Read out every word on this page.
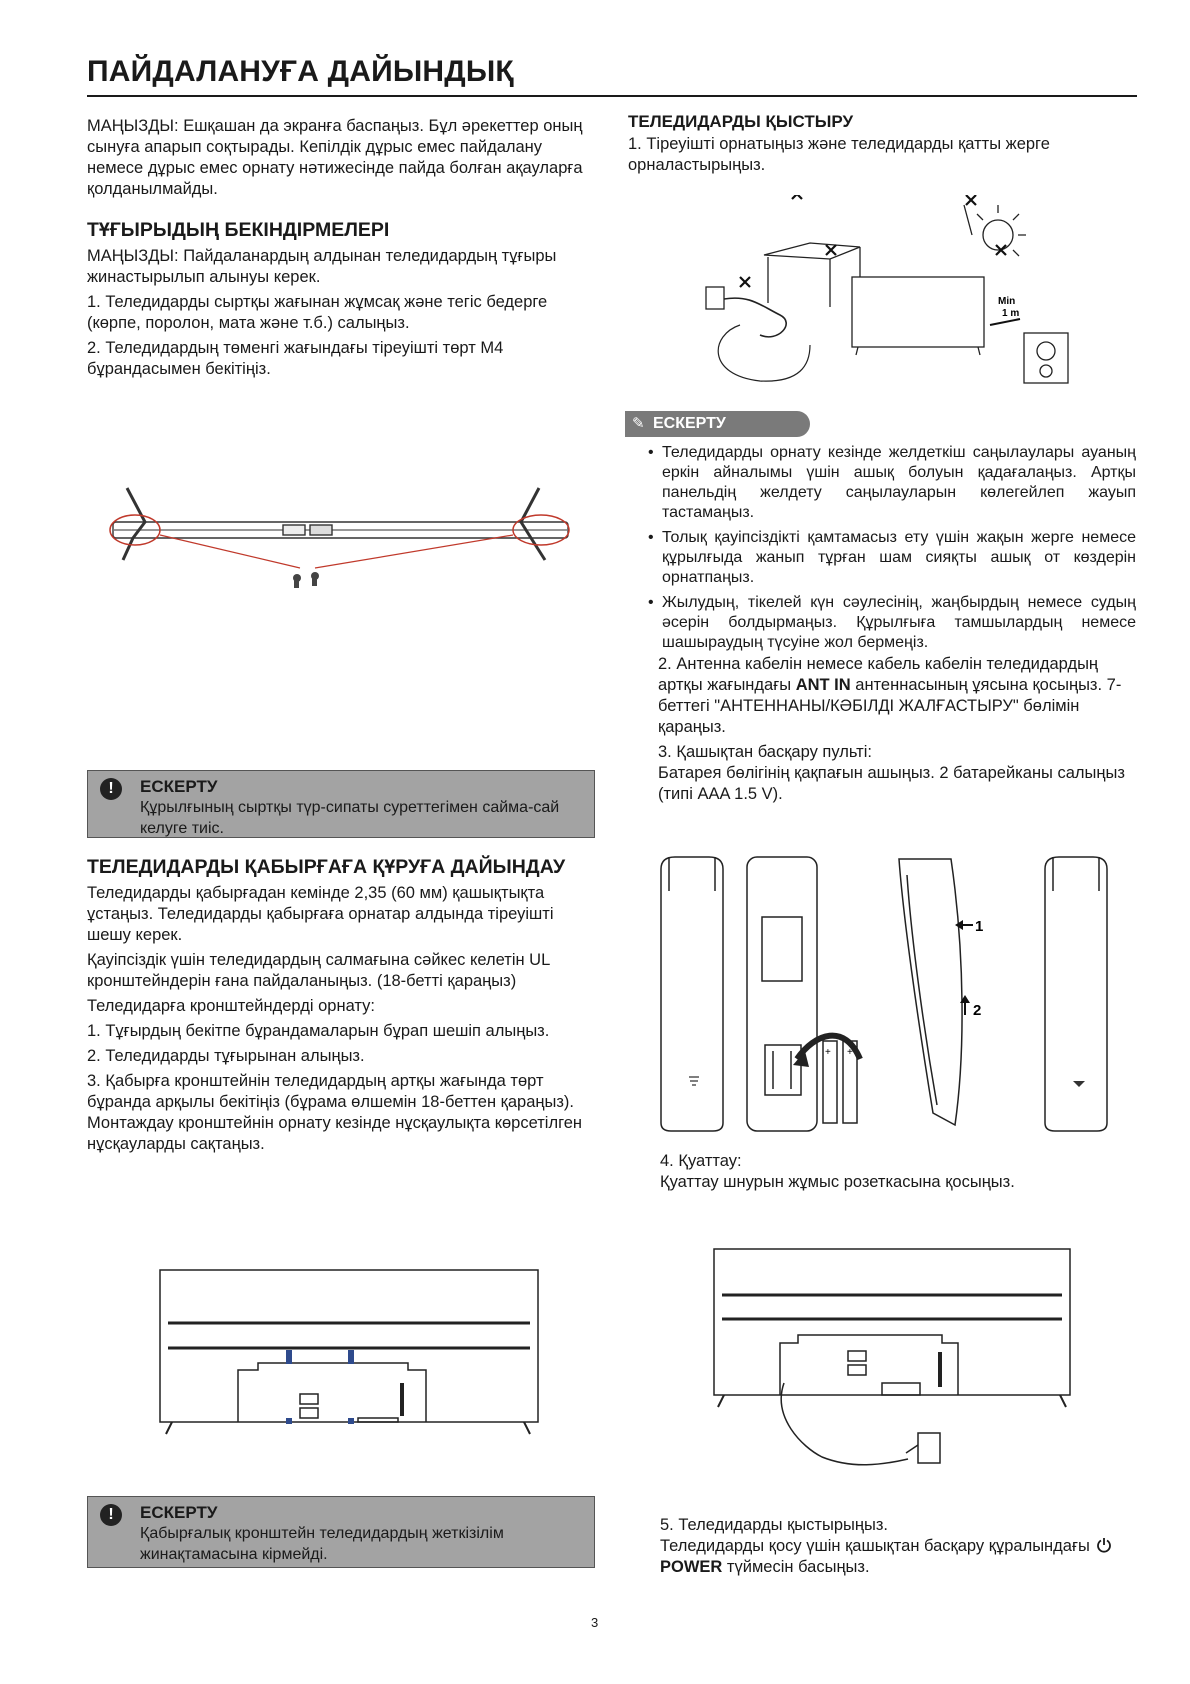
ПАЙДАЛАНУҒА ДАЙЫНДЫҚ

МАҢЫЗДЫ: Ешқашан да экранға баспаңыз. Бұл әрекеттер оның сынуға апарып соқтырады. Кепілдік дұрыс емес пайдалану немесе дұрыс емес орнату нәтижесінде пайда болған ақауларға қолданылмайды.

ТҰҒЫРЫДЫҢ БЕКІНДІРМЕЛЕРІ

МАҢЫЗДЫ: Пайдаланардың алдынан теледидардың тұғыры жинастырылып алынуы керек.

1. Теледидарды сыртқы жағынан жұмсақ және тегіс бедерге (көрпе, поролон, мата және т.б.) салыңыз.

2. Теледидардың төменгі жағындағы тіреуішті төрт M4 бұрандасымен бекітіңіз.

!	ЕСКЕРТУ
Құрылғының сыртқы түр-сипаты суреттегімен сайма-сай келуге тиіс.
ТЕЛЕДИДАРДЫ ҚАБЫРҒАҒА ҚҰРУҒА ДАЙЫНДАУ

Теледидарды қабырғадан кемінде 2,35 (60 мм) қашықтықта ұстаңыз. Теледидарды қабырғаға орнатар алдында тіреуішті шешу керек.

Қауіпсіздік үшін теледидардың салмағына сәйкес келетін UL кронштейндерін ғана пайдаланыңыз. (18-бетті қараңыз)

Теледидарға кронштейндерді орнату:

1. Тұғырдың бекітпе бұрандамаларын бұрап шешіп алыңыз.

2. Теледидарды тұғырынан алыңыз.

3. Қабырға кронштейнін теледидардың артқы жағында төрт бұранда арқылы бекітіңіз (бұрама өлшемін 18-беттен қараңыз). Монтаждау кронштейнін орнату кезінде нұсқаулықта көрсетілген нұсқауларды сақтаңыз.

!	ЕСКЕРТУ
Қабырғалық кронштейн теледидардың жеткізілім жинақтамасына кірмейді.
ТЕЛЕДИДАРДЫ ҚЫСТЫРУ

1. Тіреуішті орнатыңыз және теледидарды қатты жерге орналастырыңыз.

Min
1 m
✎ ЕСКЕРТУ
• Теледидарды орнату кезінде желдеткіш саңылаулары ауаның еркін айналымы үшін ашық болуын қадағалаңыз. Артқы панельдің желдету саңылауларын көлегейлеп жауып тастамаңыз.
• Толық қауіпсіздікті қамтамасыз ету үшін жақын жерге немесе құрылғыда жанып тұрған шам сияқты ашық от көздерін орнатпаңыз.
• Жылудың, тікелей күн сәулесінің, жаңбырдың немесе судың әсерін болдырмаңыз. Құрылғыға тамшылардың немесе шашыраудың түсуіне жол бермеңіз.

2. Антенна кабелін немесе кабель кабелін теледидардың артқы жағындағы ANT IN антеннасының ұясына қосыңыз. 7-беттегі "АНТЕННАНЫ/КӘБІЛДІ ЖАЛҒАСТЫРУ" бөлімін қараңыз.

3. Қашықтан басқару пульті:

Батарея бөлігінің қақпағын ашыңыз. 2 батарейканы салыңыз (типі AAA 1.5 V).

+ +
1
2

4. Қуаттау:

Қуаттау шнурын жұмыс розеткасына қосыңыз.

5. Теледидарды қыстырыңыз.

Теледидарды қосу үшін қашықтан басқару құралындағы  POWER түймесін басыңыз.

3
